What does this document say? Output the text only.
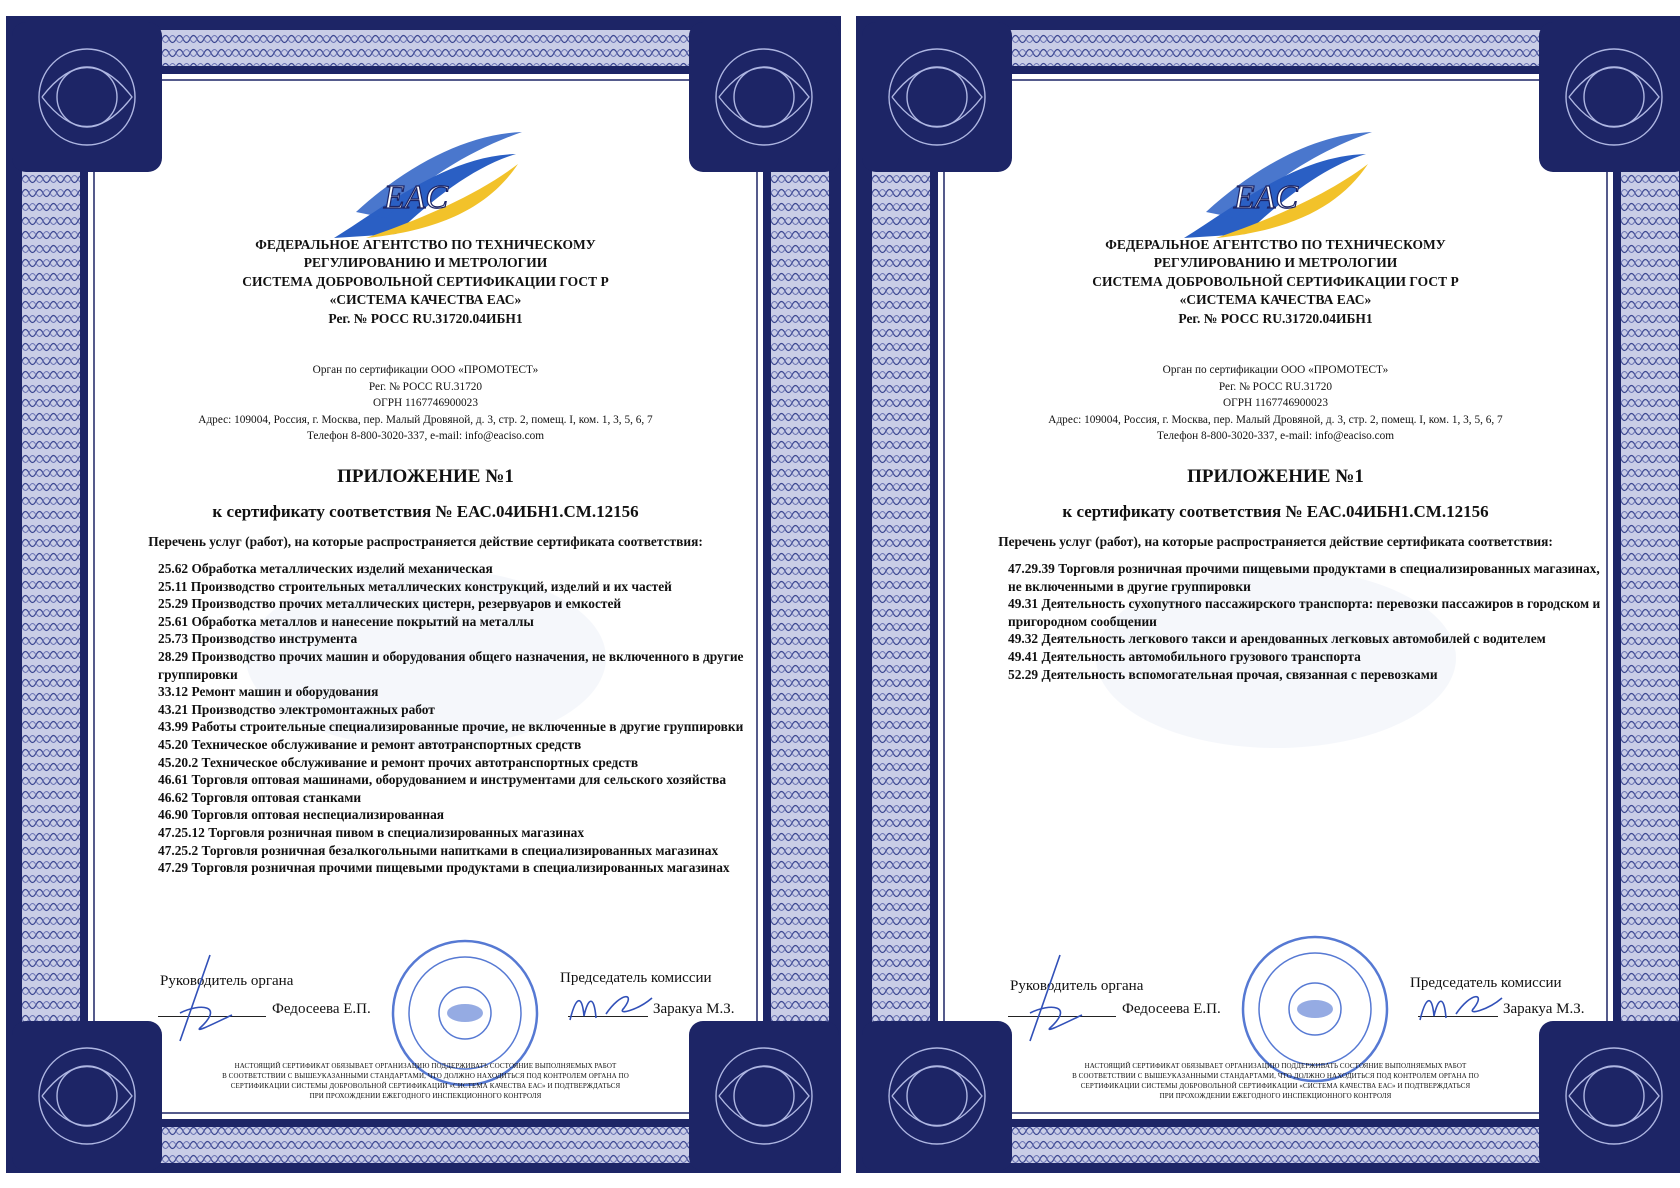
EAC
ФЕДЕРАЛЬНОЕ АГЕНТСТВО ПО ТЕХНИЧЕСКОМУ
РЕГУЛИРОВАНИЮ И МЕТРОЛОГИИ
СИСТЕМА ДОБРОВОЛЬНОЙ СЕРТИФИКАЦИИ ГОСТ Р
«СИСТЕМА КАЧЕСТВА ЕАС»
Рег. № РОСС RU.31720.04ИБН1
Орган по сертификации ООО «ПРОМОТЕСТ»
Рег. № РОСС RU.31720
ОГРН 1167746900023
Адрес: 109004, Россия, г. Москва, пер. Малый Дровяной, д. 3, стр. 2, помещ. I, ком. 1, 3, 5, 6, 7
Телефон 8-800-3020-337, e-mail: info@eaciso.com
ПРИЛОЖЕНИЕ №1
к сертификату соответствия № ЕАС.04ИБН1.СМ.12156
Перечень услуг (работ), на которые распространяется действие сертификата соответствия:
25.62 Обработка металлических изделий механическая
25.11 Производство строительных металлических конструкций, изделий и их частей
25.29 Производство прочих металлических цистерн, резервуаров и емкостей
25.61 Обработка металлов и нанесение покрытий на металлы
25.73 Производство инструмента
28.29 Производство прочих машин и оборудования общего назначения, не включенного в другие группировки
33.12 Ремонт машин и оборудования
43.21 Производство электромонтажных работ
43.99 Работы строительные специализированные прочие, не включенные в другие группировки
45.20 Техническое обслуживание и ремонт автотранспортных средств
45.20.2 Техническое обслуживание и ремонт прочих автотранспортных средств
46.61 Торговля оптовая машинами, оборудованием и инструментами для сельского хозяйства
46.62 Торговля оптовая станками
46.90 Торговля оптовая неспециализированная
47.25.12 Торговля розничная пивом в специализированных магазинах
47.25.2 Торговля розничная безалкогольными напитками в специализированных магазинах
47.29 Торговля розничная прочими пищевыми продуктами в специализированных магазинах
Руководитель органа
Федосеева Е.П.
Председатель комиссии
Заракуа М.З.
НАСТОЯЩИЙ СЕРТИФИКАТ ОБЯЗЫВАЕТ ОРГАНИЗАЦИЮ ПОДДЕРЖИВАТЬ СОСТОЯНИЕ ВЫПОЛНЯЕМЫХ РАБОТ
В СООТВЕТСТВИИ С ВЫШЕУКАЗАННЫМИ СТАНДАРТАМИ, ЧТО ДОЛЖНО НАХОДИТЬСЯ ПОД КОНТРОЛЕМ ОРГАНА ПО
СЕРТИФИКАЦИИ СИСТЕМЫ ДОБРОВОЛЬНОЙ СЕРТИФИКАЦИИ «СИСТЕМА КАЧЕСТВА ЕАС» И ПОДТВЕРЖДАТЬСЯ
ПРИ ПРОХОЖДЕНИИ ЕЖЕГОДНОГО ИНСПЕКЦИОННОГО КОНТРОЛЯ
EAC
ФЕДЕРАЛЬНОЕ АГЕНТСТВО ПО ТЕХНИЧЕСКОМУ
РЕГУЛИРОВАНИЮ И МЕТРОЛОГИИ
СИСТЕМА ДОБРОВОЛЬНОЙ СЕРТИФИКАЦИИ ГОСТ Р
«СИСТЕМА КАЧЕСТВА ЕАС»
Рег. № РОСС RU.31720.04ИБН1
Орган по сертификации ООО «ПРОМОТЕСТ»
Рег. № РОСС RU.31720
ОГРН 1167746900023
Адрес: 109004, Россия, г. Москва, пер. Малый Дровяной, д. 3, стр. 2, помещ. I, ком. 1, 3, 5, 6, 7
Телефон 8-800-3020-337, e-mail: info@eaciso.com
ПРИЛОЖЕНИЕ №1
к сертификату соответствия № ЕАС.04ИБН1.СМ.12156
Перечень услуг (работ), на которые распространяется действие сертификата соответствия:
47.29.39 Торговля розничная прочими пищевыми продуктами в специализированных магазинах, не включенными в другие группировки
49.31 Деятельность сухопутного пассажирского транспорта: перевозки пассажиров в городском и пригородном сообщении
49.32 Деятельность легкового такси и арендованных легковых автомобилей с водителем
49.41 Деятельность автомобильного грузового транспорта
52.29 Деятельность вспомогательная прочая, связанная с перевозками
Руководитель органа
Федосеева Е.П.
Председатель комиссии
Заракуа М.З.
НАСТОЯЩИЙ СЕРТИФИКАТ ОБЯЗЫВАЕТ ОРГАНИЗАЦИЮ ПОДДЕРЖИВАТЬ СОСТОЯНИЕ ВЫПОЛНЯЕМЫХ РАБОТ
В СООТВЕТСТВИИ С ВЫШЕУКАЗАННЫМИ СТАНДАРТАМИ, ЧТО ДОЛЖНО НАХОДИТЬСЯ ПОД КОНТРОЛЕМ ОРГАНА ПО
СЕРТИФИКАЦИИ СИСТЕМЫ ДОБРОВОЛЬНОЙ СЕРТИФИКАЦИИ «СИСТЕМА КАЧЕСТВА ЕАС» И ПОДТВЕРЖДАТЬСЯ
ПРИ ПРОХОЖДЕНИИ ЕЖЕГОДНОГО ИНСПЕКЦИОННОГО КОНТРОЛЯ
